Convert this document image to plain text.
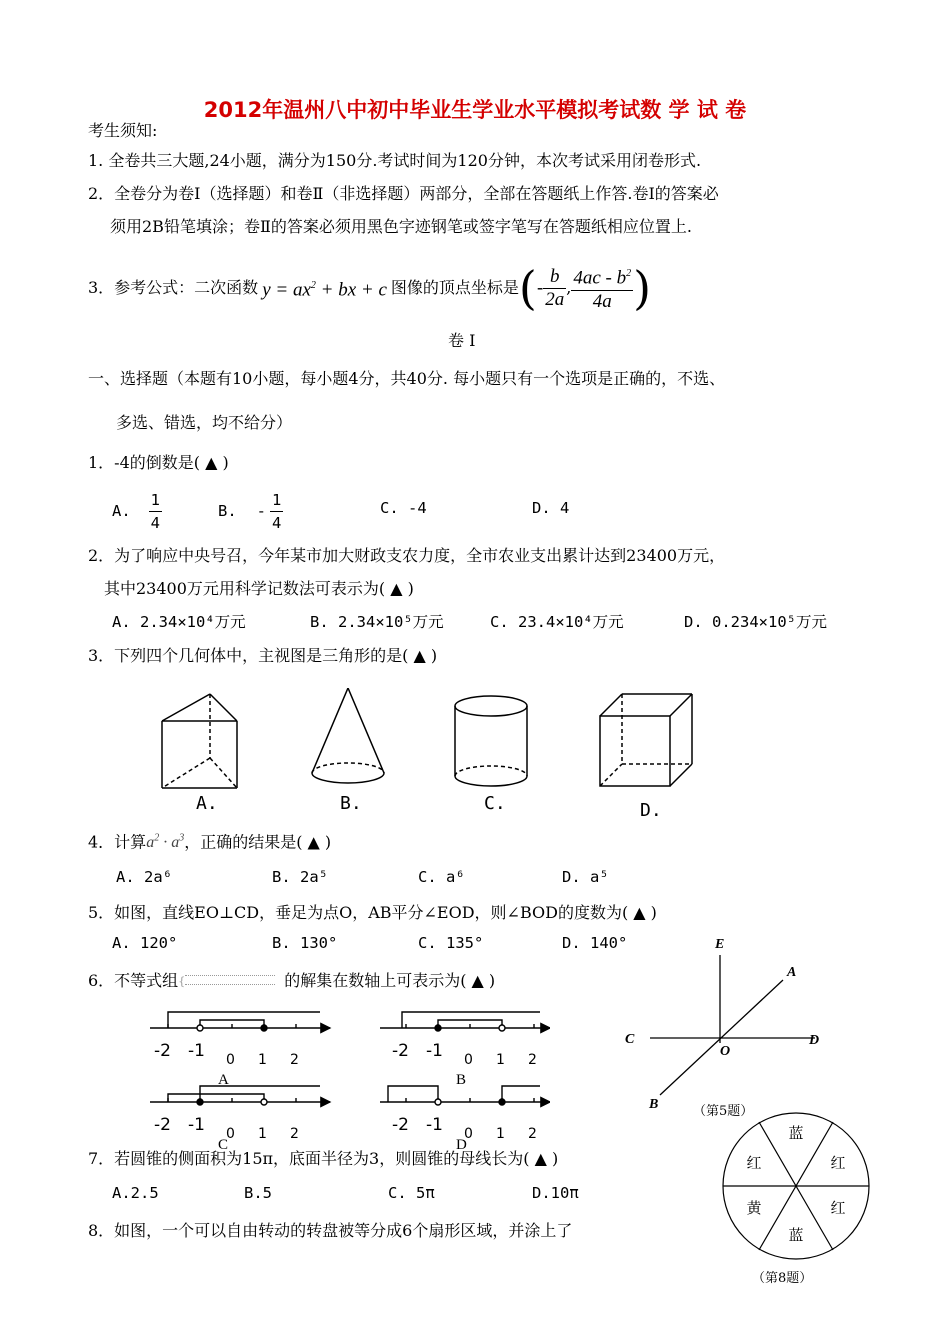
2012年温州八中初中毕业生学业水平模拟考试数 学 试 卷
考生须知:
1. 全卷共三大题,24小题，满分为150分.考试时间为120分钟，本次考试采用闭卷形式.
2．全卷分为卷Ⅰ（选择题）和卷Ⅱ（非选择题）两部分，全部在答题纸上作答.卷Ⅰ的答案必
须用2B铅笔填涂；卷Ⅱ的答案必须用黑色字迹钢笔或签字笔写在答题纸相应位置上.
3．参考公式：二次函数 $y = ax^2$ + bx + c 图像的顶点坐标是 ( - $\frac{b}{2a}$ , $\frac{4ac - b^2}{4a}$ )
卷 Ⅰ
一、选择题（本题有10小题，每小题4分，共40分. 每小题只有一个选项是正确的，不选、
多选、错选，均不给分）
1．-4的倒数是( ▲ )
A. $\frac{1}{4}$	B. - $\frac{1}{4}$	C. -4	D. 4
2．为了响应中央号召，今年某市加大财政支农力度，全市农业支出累计达到23400万元，
其中23400万元用科学记数法可表示为( ▲ )
A. 2.34×10⁴万元	B. 2.34×10⁵万元	C. 23.4×10⁴万元	D. 0.234×10⁵万元
3．下列四个几何体中，主视图是三角形的是( ▲ )
A.	B.	C.	D.
4．计算$a^2 \cdot a^3$，正确的结果是( ▲ )
A. 2a⁶	B. 2a⁵	C. a⁶	D. a⁵
5．如图，直线EO⊥CD，垂足为点O，AB平分∠EOD，则∠BOD的度数为( ▲ )
A. 120°	B. 130°	C. 135°	D. 140°	E
A
C
O
D
B	（第5题）
6．不等式组{	的解集在数轴上可表示为( ▲ )
-2 -1 0 1 2	-2 -1 0 1 2
-2 -1 0 1 2	-2 -1 0 1 2
A	B
C	D
蓝
红
红
蓝
黄
红
（第8题）
7．若圆锥的侧面积为15π，底面半径为3，则圆锥的母线长为( ▲ )
A.2.5	B.5	C. 5π	D.10π
8．如图，一个可以自由转动的转盘被等分成6个扇形区域，并涂上了
